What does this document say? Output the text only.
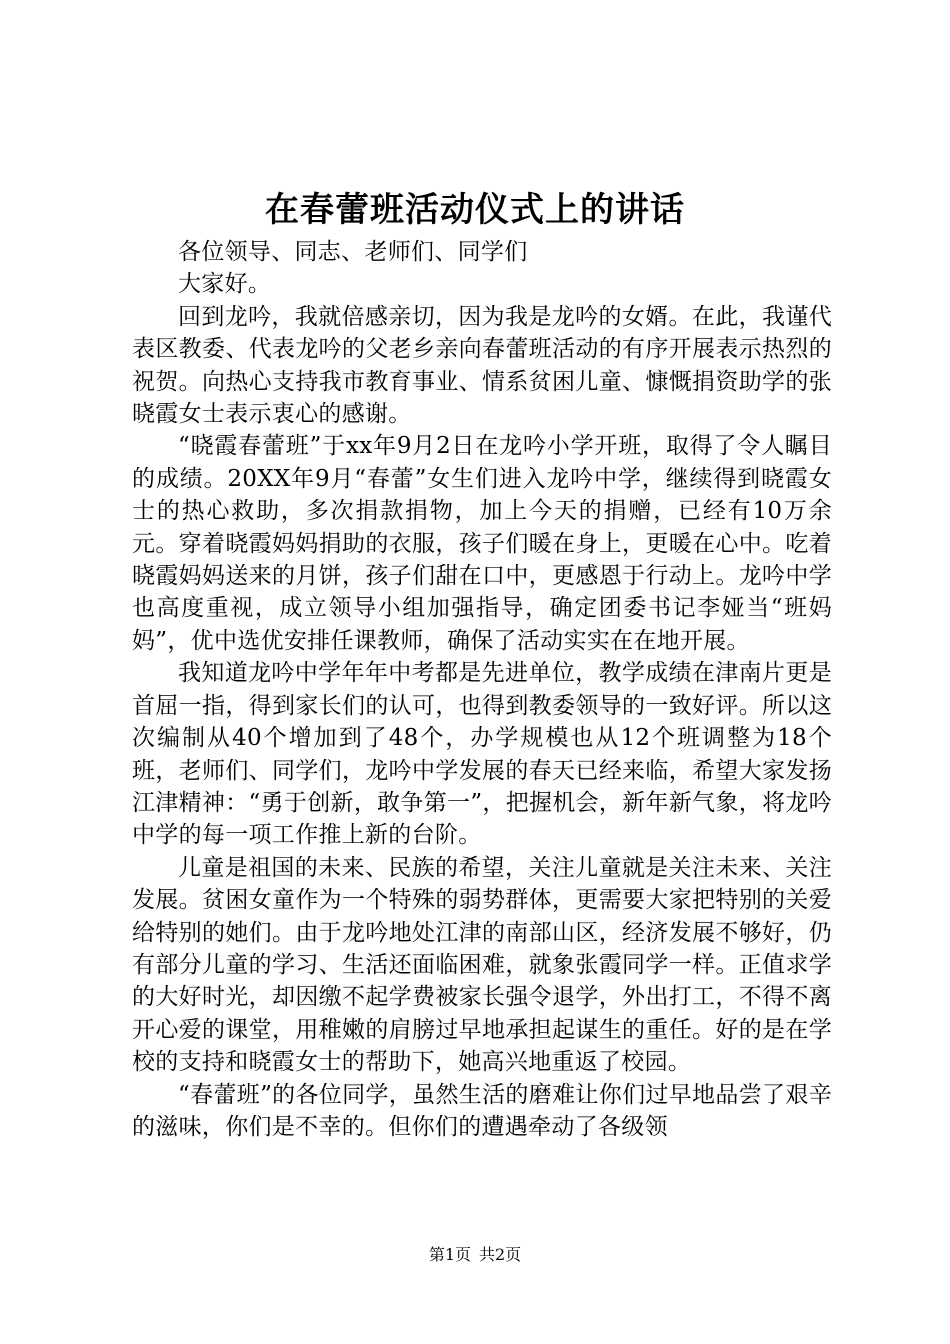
在春蕾班活动仪式上的讲话

各位领导、同志、老师们、同学们

大家好。

回到龙吟，我就倍感亲切，因为我是龙吟的女婿。在此，我谨代表区教委、代表龙吟的父老乡亲向春蕾班活动的有序开展表示热烈的祝贺。向热心支持我市教育事业、情系贫困儿童、慷慨捐资助学的张晓霞女士表示衷心的感谢。

“晓霞春蕾班”于xx年9月2日在龙吟小学开班，取得了令人瞩目的成绩。20XX年9月“春蕾”女生们进入龙吟中学，继续得到晓霞女士的热心救助，多次捐款捐物，加上今天的捐赠，已经有10万余元。穿着晓霞妈妈捐助的衣服，孩子们暖在身上，更暖在心中。吃着晓霞妈妈送来的月饼，孩子们甜在口中，更感恩于行动上。龙吟中学也高度重视，成立领导小组加强指导，确定团委书记李娅当“班妈妈”，优中选优安排任课教师，确保了活动实实在在地开展。

我知道龙吟中学年年中考都是先进单位，教学成绩在津南片更是首屈一指，得到家长们的认可，也得到教委领导的一致好评。所以这次编制从40个增加到了48个，办学规模也从12个班调整为18个班，老师们、同学们，龙吟中学发展的春天已经来临，希望大家发扬江津精神：“勇于创新，敢争第一”，把握机会，新年新气象，将龙吟中学的每一项工作推上新的台阶。

儿童是祖国的未来、民族的希望，关注儿童就是关注未来、关注发展。贫困女童作为一个特殊的弱势群体，更需要大家把特别的关爱给特别的她们。由于龙吟地处江津的南部山区，经济发展不够好，仍有部分儿童的学习、生活还面临困难，就象张霞同学一样。正值求学的大好时光，却因缴不起学费被家长强令退学，外出打工，不得不离开心爱的课堂，用稚嫩的肩膀过早地承担起谋生的重任。好的是在学校的支持和晓霞女士的帮助下，她高兴地重返了校园。

“春蕾班”的各位同学，虽然生活的磨难让你们过早地品尝了艰辛的滋味，你们是不幸的。但你们的遭遇牵动了各级领

第1页 共2页
